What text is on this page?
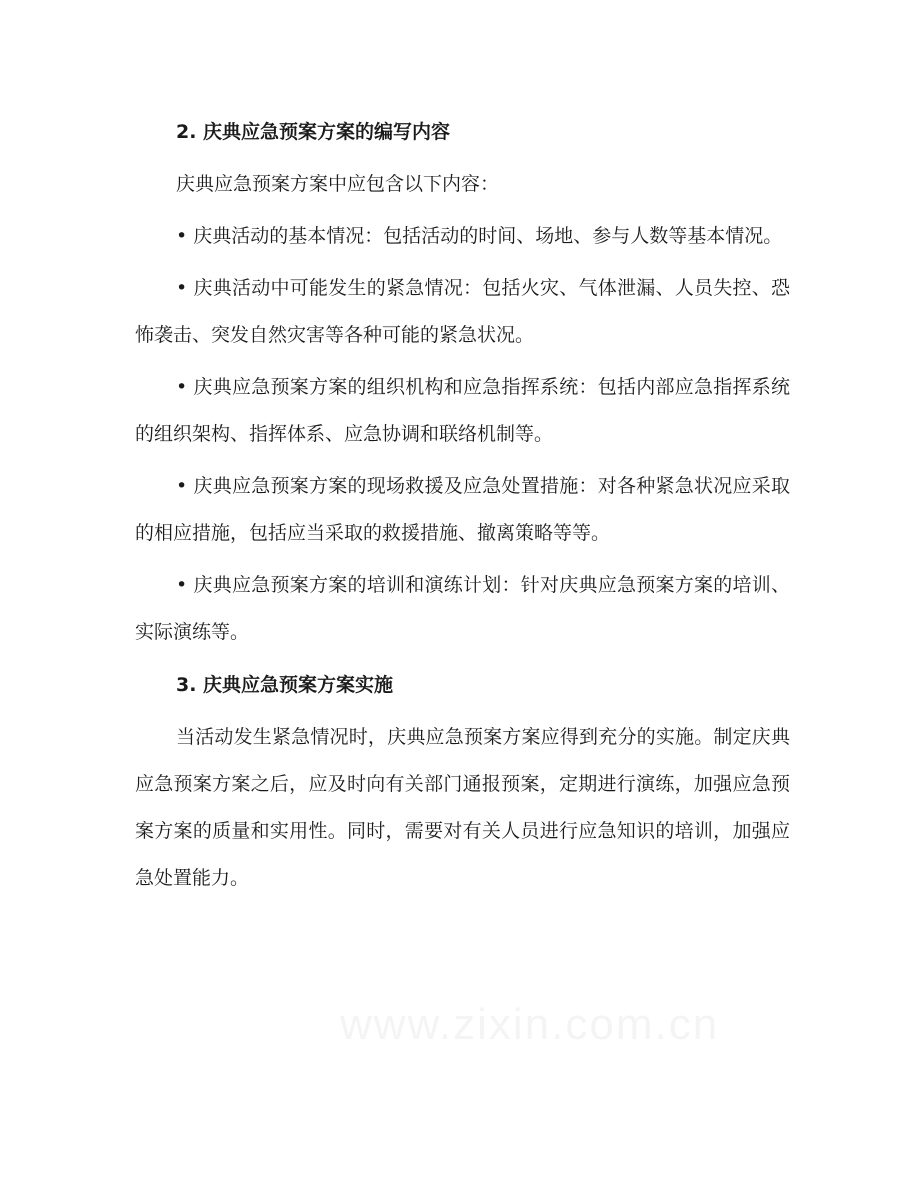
2. 庆典应急预案方案的编写内容

庆典应急预案方案中应包含以下内容：

• 庆典活动的基本情况：包括活动的时间、场地、参与人数等基本情况。

• 庆典活动中可能发生的紧急情况：包括火灾、气体泄漏、人员失控、恐怖袭击、突发自然灾害等各种可能的紧急状况。

• 庆典应急预案方案的组织机构和应急指挥系统：包括内部应急指挥系统的组织架构、指挥体系、应急协调和联络机制等。

• 庆典应急预案方案的现场救援及应急处置措施：对各种紧急状况应采取的相应措施，包括应当采取的救援措施、撤离策略等等。

• 庆典应急预案方案的培训和演练计划：针对庆典应急预案方案的培训、实际演练等。

3. 庆典应急预案方案实施

当活动发生紧急情况时，庆典应急预案方案应得到充分的实施。制定庆典应急预案方案之后，应及时向有关部门通报预案，定期进行演练，加强应急预案方案的质量和实用性。同时，需要对有关人员进行应急知识的培训，加强应急处置能力。
